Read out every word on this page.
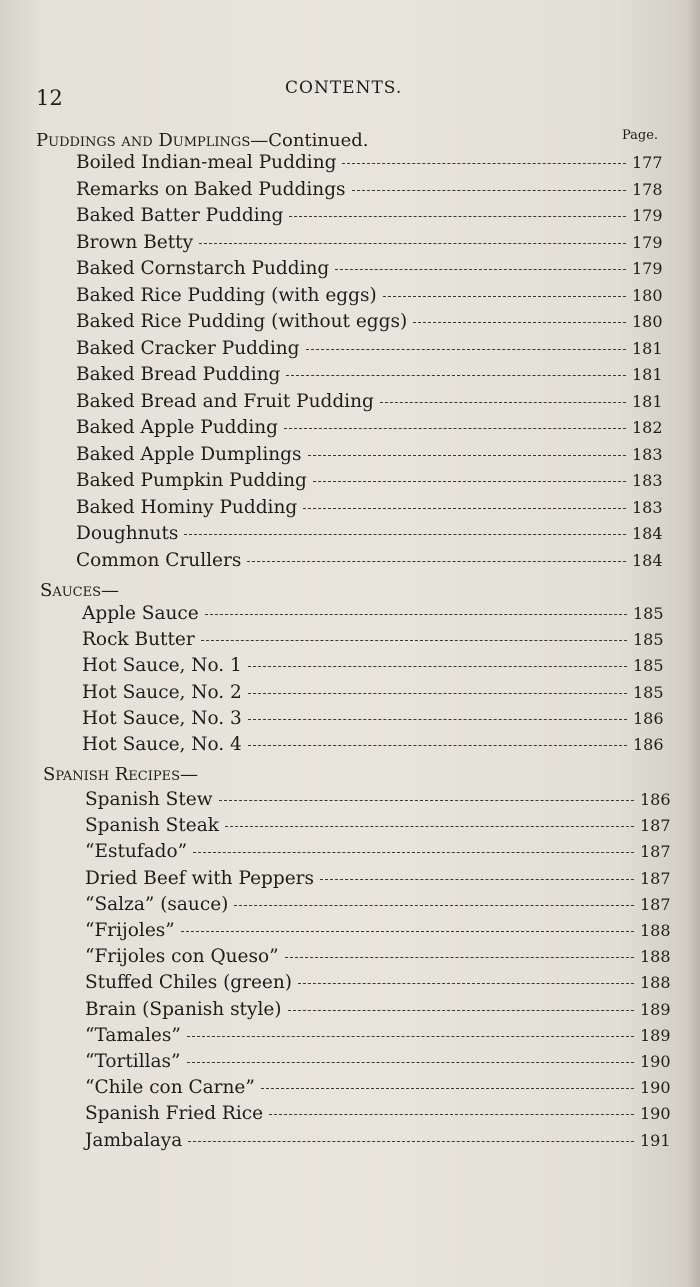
12	CONTENTS.
Page.
Puddings and Dumplings—Continued.
Boiled Indian-meal Pudding	177
Remarks on Baked Puddings	178
Baked Batter Pudding	179
Brown Betty	179
Baked Cornstarch Pudding	179
Baked Rice Pudding (with eggs)	180
Baked Rice Pudding (without eggs)	180
Baked Cracker Pudding	181
Baked Bread Pudding	181
Baked Bread and Fruit Pudding	181
Baked Apple Pudding	182
Baked Apple Dumplings	183
Baked Pumpkin Pudding	183
Baked Hominy Pudding	183
Doughnuts	184
Common Crullers	184
Sauces—
Apple Sauce	185
Rock Butter	185
Hot Sauce, No. 1	185
Hot Sauce, No. 2	185
Hot Sauce, No. 3	186
Hot Sauce, No. 4	186
Spanish Recipes—
Spanish Stew	186
Spanish Steak	187
“Estufado”	187
Dried Beef with Peppers	187
“Salza” (sauce)	187
“Frijoles”	188
“Frijoles con Queso”	188
Stuffed Chiles (green)	188
Brain (Spanish style)	189
“Tamales”	189
“Tortillas”	190
“Chile con Carne”	190
Spanish Fried Rice	190
Jambalaya	191
